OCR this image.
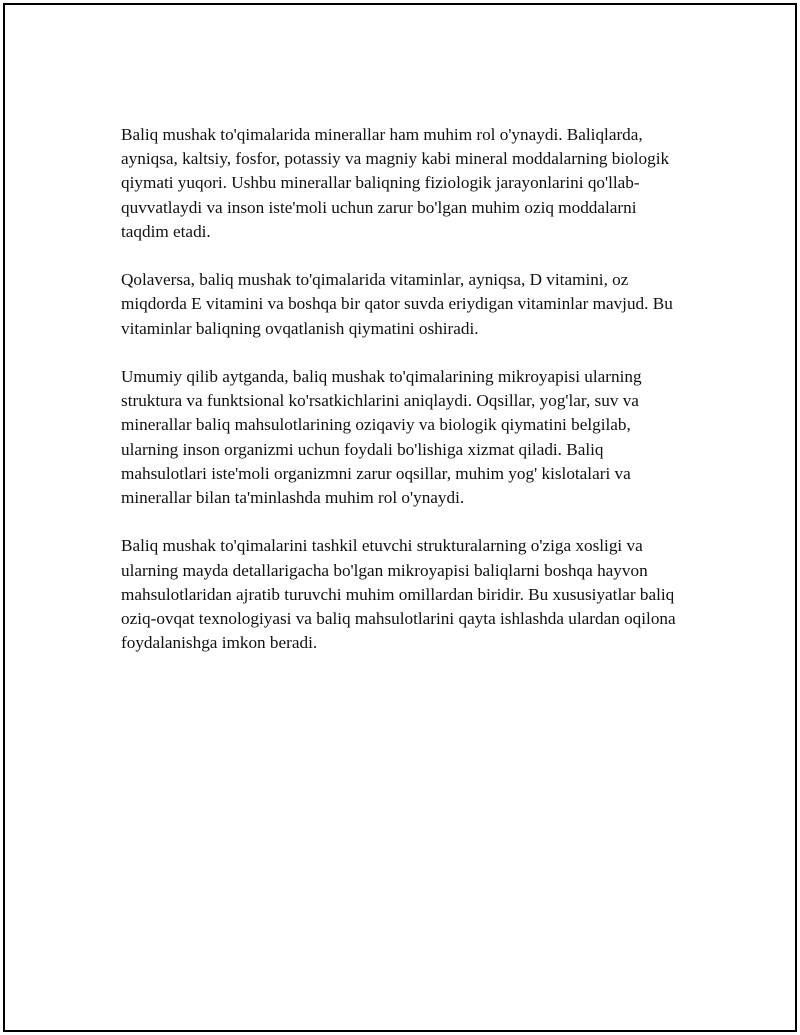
Baliq mushak to'qimalarida minerallar ham muhim rol o'ynaydi. Baliqlarda, ayniqsa, kaltsiy, fosfor, potassiy va magniy kabi mineral moddalarning biologik qiymati yuqori. Ushbu minerallar baliqning fiziologik jarayonlarini qo'llab-quvvatlaydi va inson iste'moli uchun zarur bo'lgan muhim oziq moddalarni taqdim etadi.

Qolaversa, baliq mushak to'qimalarida vitaminlar, ayniqsa, D vitamini, oz miqdorda E vitamini va boshqa bir qator suvda eriydigan vitaminlar mavjud. Bu vitaminlar baliqning ovqatlanish qiymatini oshiradi.

Umumiy qilib aytganda, baliq mushak to'qimalarining mikroyapisi ularning struktura va funktsional ko'rsatkichlarini aniqlaydi. Oqsillar, yog'lar, suv va minerallar baliq mahsulotlarining oziqaviy va biologik qiymatini belgilab, ularning inson organizmi uchun foydali bo'lishiga xizmat qiladi. Baliq mahsulotlari iste'moli organizmni zarur oqsillar, muhim yog' kislotalari va minerallar bilan ta'minlashda muhim rol o'ynaydi.

Baliq mushak to'qimalarini tashkil etuvchi strukturalarning o'ziga xosligi va ularning mayda detallarigacha bo'lgan mikroyapisi baliqlarni boshqa hayvon mahsulotlaridan ajratib turuvchi muhim omillardan biridir. Bu xususiyatlar baliq oziq-ovqat texnologiyasi va baliq mahsulotlarini qayta ishlashda ulardan oqilona foydalanishga imkon beradi.
